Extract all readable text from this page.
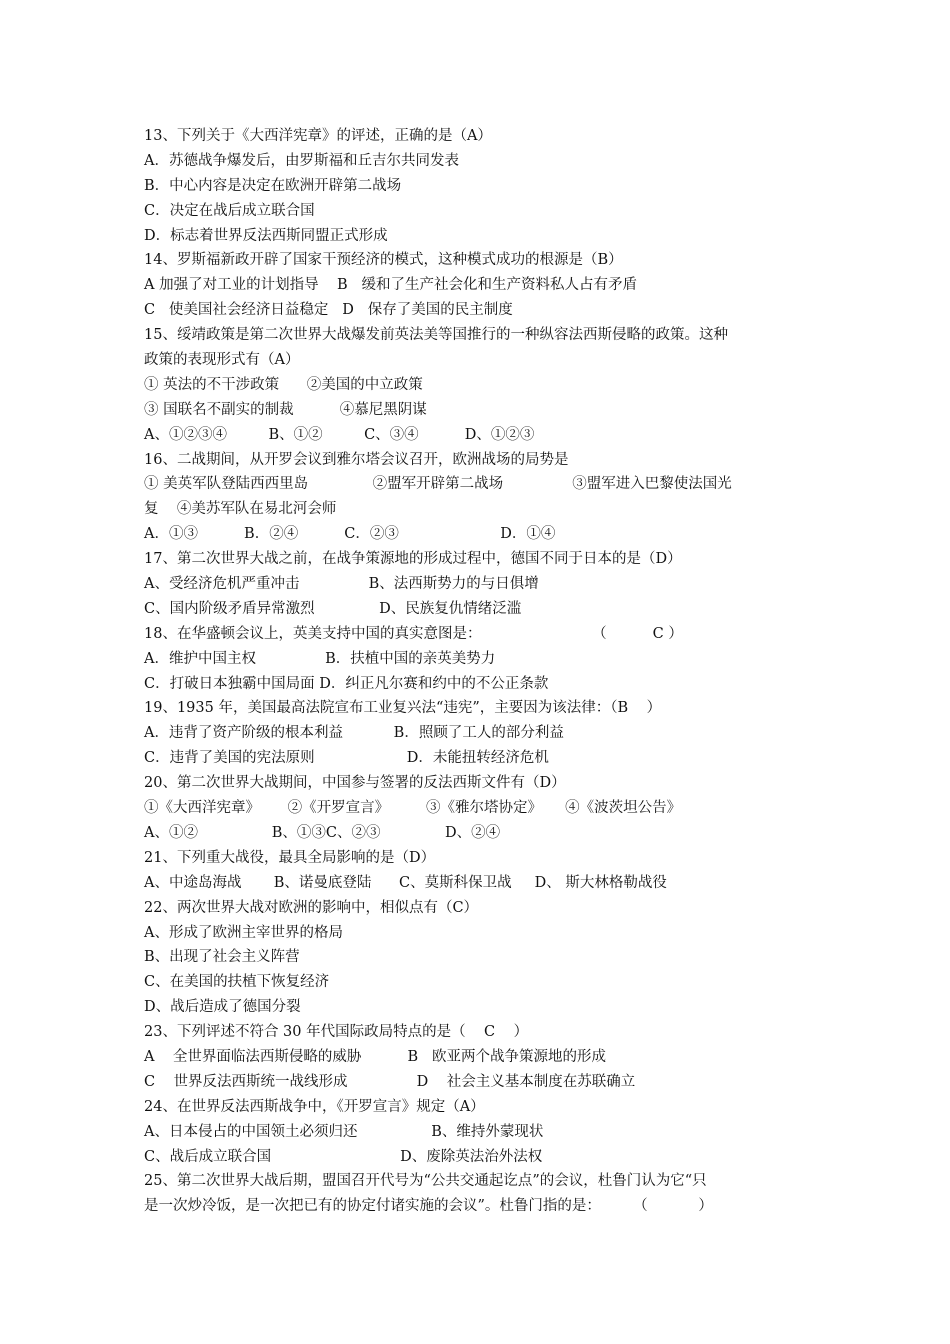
13、下列关于《大西洋宪章》的评述，正确的是（A）
A．苏德战争爆发后，由罗斯福和丘吉尔共同发表
B．中心内容是决定在欧洲开辟第二战场
C．决定在战后成立联合国
D．标志着世界反法西斯同盟正式形成
14、罗斯福新政开辟了国家干预经济的模式，这种模式成功的根源是（B）
A 加强了对工业的计划指导    B   缓和了生产社会化和生产资料私人占有矛盾
C   使美国社会经济日益稳定   D   保存了美国的民主制度
15、绥靖政策是第二次世界大战爆发前英法美等国推行的一种纵容法西斯侵略的政策。这种
政策的表现形式有（A）
① 英法的不干涉政策      ②美国的中立政策
③ 国联名不副实的制裁          ④慕尼黑阴谋
A、①②③④         B、①②         C、③④          D、①②③
16、二战期间，从开罗会议到雅尔塔会议召开，欧洲战场的局势是
① 美英军队登陆西西里岛              ②盟军开辟第二战场               ③盟军进入巴黎使法国光
复    ④美苏军队在易北河会师
A．①③          B．②④          C．②③                      D．①④
17、第二次世界大战之前，在战争策源地的形成过程中，德国不同于日本的是（D）
A、受经济危机严重冲击               B、法西斯势力的与日俱增
C、国内阶级矛盾异常激烈              D、民族复仇情绪泛滥
18、在华盛顿会议上，英美支持中国的真实意图是：                        （          C ）
A．维护中国主权               B．扶植中国的亲英美势力
C．打破日本独霸中国局面 D．纠正凡尔赛和约中的不公正条款
19、1935 年，美国最高法院宣布工业复兴法“违宪”，主要因为该法律：（B    ）
A．违背了资产阶级的根本利益           B．照顾了工人的部分利益
C．违背了美国的宪法原则                    D．未能扭转经济危机
20、第二次世界大战期间，中国参与签署的反法西斯文件有（D）
①《大西洋宪章》      ②《开罗宣言》        ③《雅尔塔协定》     ④《波茨坦公告》
A、①②                B、①③C、②③              D、②④
21、下列重大战役，最具全局影响的是（D）
A、中途岛海战       B、诺曼底登陆      C、莫斯科保卫战     D、 斯大林格勒战役
22、两次世界大战对欧洲的影响中，相似点有（C）
A、形成了欧洲主宰世界的格局
B、出现了社会主义阵营
C、在美国的扶植下恢复经济
D、战后造成了德国分裂
23、下列评述不符合 30 年代国际政局特点的是（    C    ）
A    全世界面临法西斯侵略的威胁          B   欧亚两个战争策源地的形成
C    世界反法西斯统一战线形成               D    社会主义基本制度在苏联确立
24、在世界反法西斯战争中，《开罗宣言》规定（A）
A、日本侵占的中国领土必须归还                B、维持外蒙现状
C、战后成立联合国                            D、废除英法治外法权
25、第二次世界大战后期，盟国召开代号为“公共交通起讫点”的会议，杜鲁门认为它“只
是一次炒冷饭，是一次把已有的协定付诸实施的会议”。杜鲁门指的是：       （           ）
